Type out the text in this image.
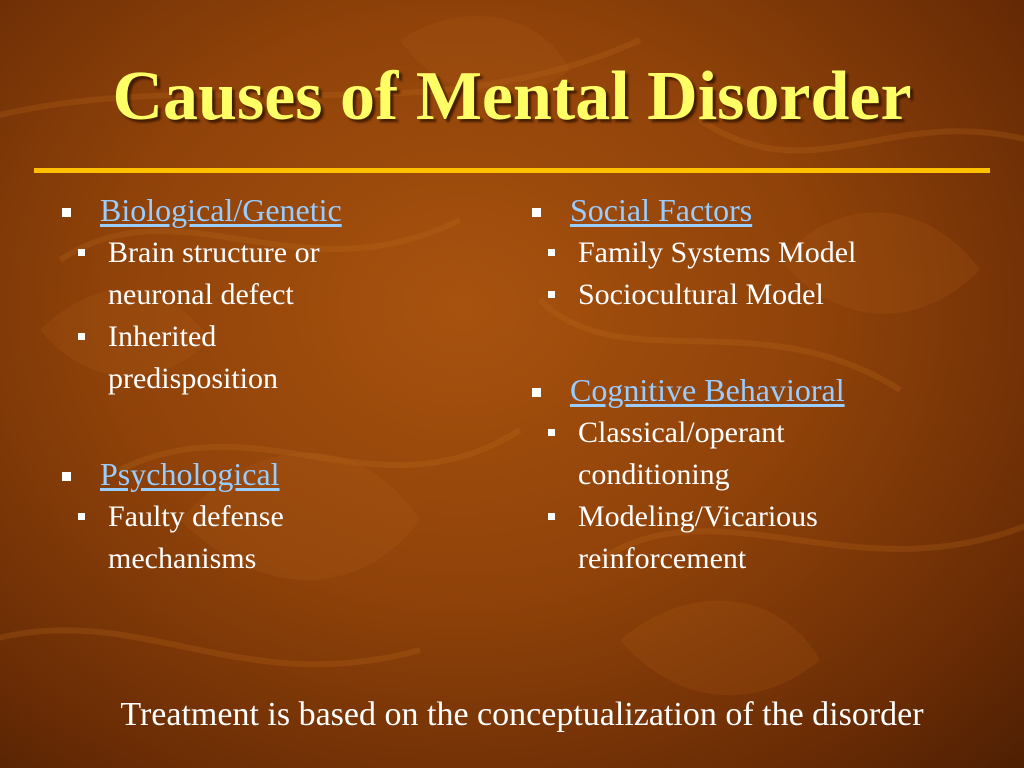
Causes of Mental Disorder
Biological/Genetic
Brain structure or
neuronal defect
Inherited
predisposition
Psychological
Faulty defense
mechanisms
Social Factors
Family Systems Model
Sociocultural Model
Cognitive Behavioral
Classical/operant
conditioning
Modeling/Vicarious
reinforcement
Treatment is based on the conceptualization of the disorder
